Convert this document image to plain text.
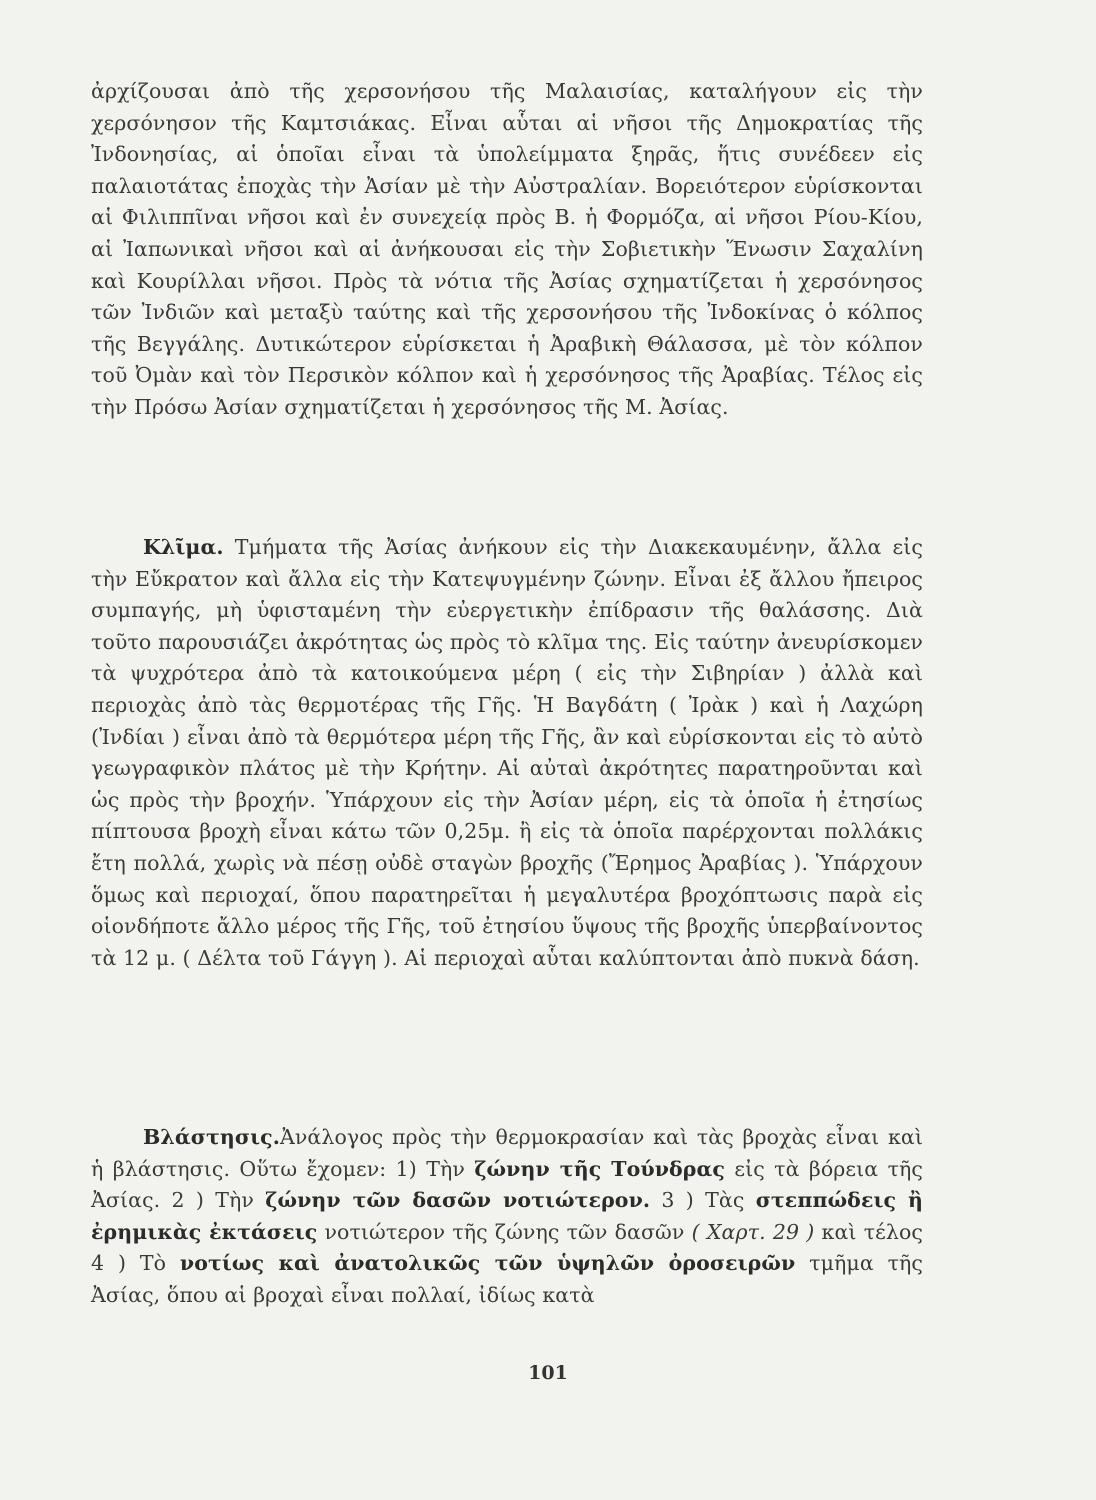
ἀρχίζουσαι ἀπὸ τῆς χερσονήσου τῆς Μαλαισίας, καταλήγουν εἰς τὴν χερσόνησον τῆς Καμτσιάκας. Εἶναι αὗται αἱ νῆσοι τῆς Δημοκρατίας τῆς Ἰνδονησίας, αἱ ὁποῖαι εἶναι τὰ ὑπολείμματα ξηρᾶς, ἥτις συνέδεεν εἰς παλαιοτάτας ἐποχὰς τὴν Ἀσίαν μὲ τὴν Αὐστραλίαν. Βορειότερον εὑρίσκονται αἱ Φιλιππῖναι νῆσοι καὶ ἐν συνεχείᾳ πρὸς Β. ἡ Φορμόζα, αἱ νῆσοι Ρίου-Κίου, αἱ Ἰαπωνικαὶ νῆσοι καὶ αἱ ἀνήκουσαι εἰς τὴν Σοβιετικὴν Ἕνωσιν Σαχαλίνη καὶ Κουρίλλαι νῆσοι. Πρὸς τὰ νότια τῆς Ἀσίας σχηματίζεται ἡ χερσόνησος τῶν Ἰνδιῶν καὶ μεταξὺ ταύτης καὶ τῆς χερσονήσου τῆς Ἰνδοκίνας ὁ κόλπος τῆς Βεγγάλης. Δυτικώτερον εὑρίσκεται ἡ Ἀραβικὴ Θάλασσα, μὲ τὸν κόλπον τοῦ Ὀμὰν καὶ τὸν Περσικὸν κόλπον καὶ ἡ χερσόνησος τῆς Ἀραβίας. Τέλος εἰς τὴν Πρόσω Ἀσίαν σχηματίζεται ἡ χερσόνησος τῆς Μ. Ἀσίας.

Κλῖμα. Τμήματα τῆς Ἀσίας ἀνήκουν εἰς τὴν Διακεκαυμένην, ἄλλα εἰς τὴν Εὔκρατον καὶ ἄλλα εἰς τὴν Κατεψυγμένην ζώνην. Εἶναι ἐξ ἄλλου ἤπειρος συμπαγής, μὴ ὑφισταμένη τὴν εὐεργετικὴν ἐπίδρασιν τῆς θαλάσσης. Διὰ τοῦτο παρουσιάζει ἀκρότητας ὡς πρὸς τὸ κλῖμα της. Εἰς ταύτην ἀνευρίσκομεν τὰ ψυχρότερα ἀπὸ τὰ κατοικούμενα μέρη ( εἰς τὴν Σιβηρίαν ) ἀλλὰ καὶ περιοχὰς ἀπὸ τὰς θερμοτέρας τῆς Γῆς. Ἡ Βαγδάτη ( Ἰρὰκ ) καὶ ἡ Λαχώρη (Ἰνδίαι ) εἶναι ἀπὸ τὰ θερμότερα μέρη τῆς Γῆς, ἂν καὶ εὑρίσκονται εἰς τὸ αὐτὸ γεωγραφικὸν πλάτος μὲ τὴν Κρήτην. Αἱ αὐταὶ ἀκρότητες παρατηροῦνται καὶ ὡς πρὸς τὴν βροχήν. Ὑπάρχουν εἰς τὴν Ἀσίαν μέρη, εἰς τὰ ὁποῖα ἡ ἐτησίως πίπτουσα βροχὴ εἶναι κάτω τῶν 0,25μ. ἢ εἰς τὰ ὁποῖα παρέρχονται πολλάκις ἔτη πολλά, χωρὶς νὰ πέσῃ οὐδὲ σταγὼν βροχῆς (Ἔρημος Ἀραβίας ). Ὑπάρχουν ὅμως καὶ περιοχαί, ὅπου παρατηρεῖται ἡ μεγαλυτέρα βροχόπτωσις παρὰ εἰς οἱονδήποτε ἄλλο μέρος τῆς Γῆς, τοῦ ἐτησίου ὕψους τῆς βροχῆς ὑπερβαίνοντος τὰ 12 μ. ( Δέλτα τοῦ Γάγγη ). Αἱ περιοχαὶ αὗται καλύπτονται ἀπὸ πυκνὰ δάση.

Βλάστησις.Ἀνάλογος πρὸς τὴν θερμοκρασίαν καὶ τὰς βροχὰς εἶναι καὶ ἡ βλάστησις. Οὕτω ἔχομεν: 1) Τὴν ζώνην τῆς Τούνδρας εἰς τὰ βόρεια τῆς Ἀσίας. 2 ) Τὴν ζώνην τῶν δασῶν νοτιώτερον. 3 ) Τὰς στεππώδεις ἢ ἐρημικὰς ἐκτάσεις νοτιώτερον τῆς ζώνης τῶν δασῶν ( Χαρτ. 29 ) καὶ τέλος 4 ) Τὸ νοτίως καὶ ἀνατολικῶς τῶν ὑψηλῶν ὀροσειρῶν τμῆμα τῆς Ἀσίας, ὅπου αἱ βροχαὶ εἶναι πολλαί, ἰδίως κατὰ

101
